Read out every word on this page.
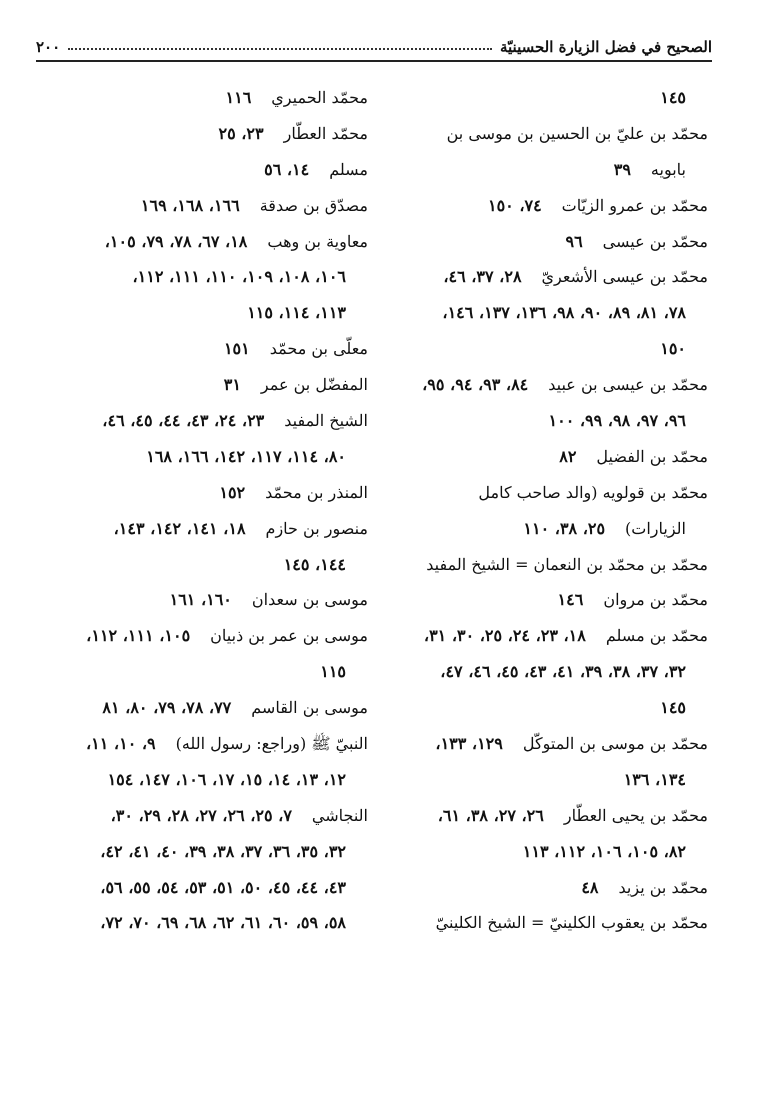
الصحيح في فضل الزيارة الحسينيّة
٢٠٠
١٤٥
محمّد بن عليّ بن الحسين بن موسى بن
بابويه٣٩
محمّد بن عمرو الزيّات٧٤، ١٥٠
محمّد بن عيسى٩٦
محمّد بن عيسى الأشعريّ٢٨، ٣٧، ٤٦،
٧٨، ٨١، ٨٩، ٩٠، ٩٨، ١٣٦، ١٣٧، ١٤٦،
١٥٠
محمّد بن عيسى بن عبيد٨٤، ٩٣، ٩٤، ٩٥،
٩٦، ٩٧، ٩٨، ٩٩، ١٠٠
محمّد بن الفضيل٨٢
محمّد بن قولويه (والد صاحب كامل
الزيارات)٢٥، ٣٨، ١١٠
محمّد بن محمّد بن النعمان = الشيخ المفيد
محمّد بن مروان١٤٦
محمّد بن مسلم١٨، ٢٣، ٢٤، ٢٥، ٣٠، ٣١،
٣٢، ٣٧، ٣٨، ٣٩، ٤١، ٤٣، ٤٥، ٤٦، ٤٧،
١٤٥
محمّد بن موسى بن المتوكّل١٢٩، ١٣٣،
١٣٤، ١٣٦
محمّد بن يحيى العطّار٢٦، ٢٧، ٣٨، ٦١،
٨٢، ١٠٥، ١٠٦، ١١٢، ١١٣
محمّد بن يزيد٤٨
محمّد بن يعقوب الكلينيّ = الشيخ الكلينيّ
محمّد الحميري١١٦
محمّد العطّار٢٣، ٢٥
مسلم١٤، ٥٦
مصدّق بن صدقة١٦٦، ١٦٨، ١٦٩
معاوية بن وهب١٨، ٦٧، ٧٨، ٧٩، ١٠٥،
١٠٦، ١٠٨، ١٠٩، ١١٠، ١١١، ١١٢،
١١٣، ١١٤، ١١٥
معلّى بن محمّد١٥١
المفضّل بن عمر٣١
الشيخ المفيد٢٣، ٢٤، ٤٣، ٤٤، ٤٥، ٤٦،
٨٠، ١١٤، ١١٧، ١٤٢، ١٦٦، ١٦٨
المنذر بن محمّد١٥٢
منصور بن حازم١٨، ١٤١، ١٤٢، ١٤٣،
١٤٤، ١٤٥
موسى بن سعدان١٦٠، ١٦١
موسى بن عمر بن ذبيان١٠٥، ١١١، ١١٢،
١١٥
موسى بن القاسم٧٧، ٧٨، ٧٩، ٨٠، ٨١
النبيّ ﷺ (وراجع: رسول الله)٩، ١٠، ١١،
١٢، ١٣، ١٤، ١٥، ١٧، ١٠٦، ١٤٧، ١٥٤
النجاشي٧، ٢٥، ٢٦، ٢٧، ٢٨، ٢٩، ٣٠،
٣٢، ٣٥، ٣٦، ٣٧، ٣٨، ٣٩، ٤٠، ٤١، ٤٢،
٤٣، ٤٤، ٤٥، ٥٠، ٥١، ٥٣، ٥٤، ٥٥، ٥٦،
٥٨، ٥٩، ٦٠، ٦١، ٦٢، ٦٨، ٦٩، ٧٠، ٧٢،
